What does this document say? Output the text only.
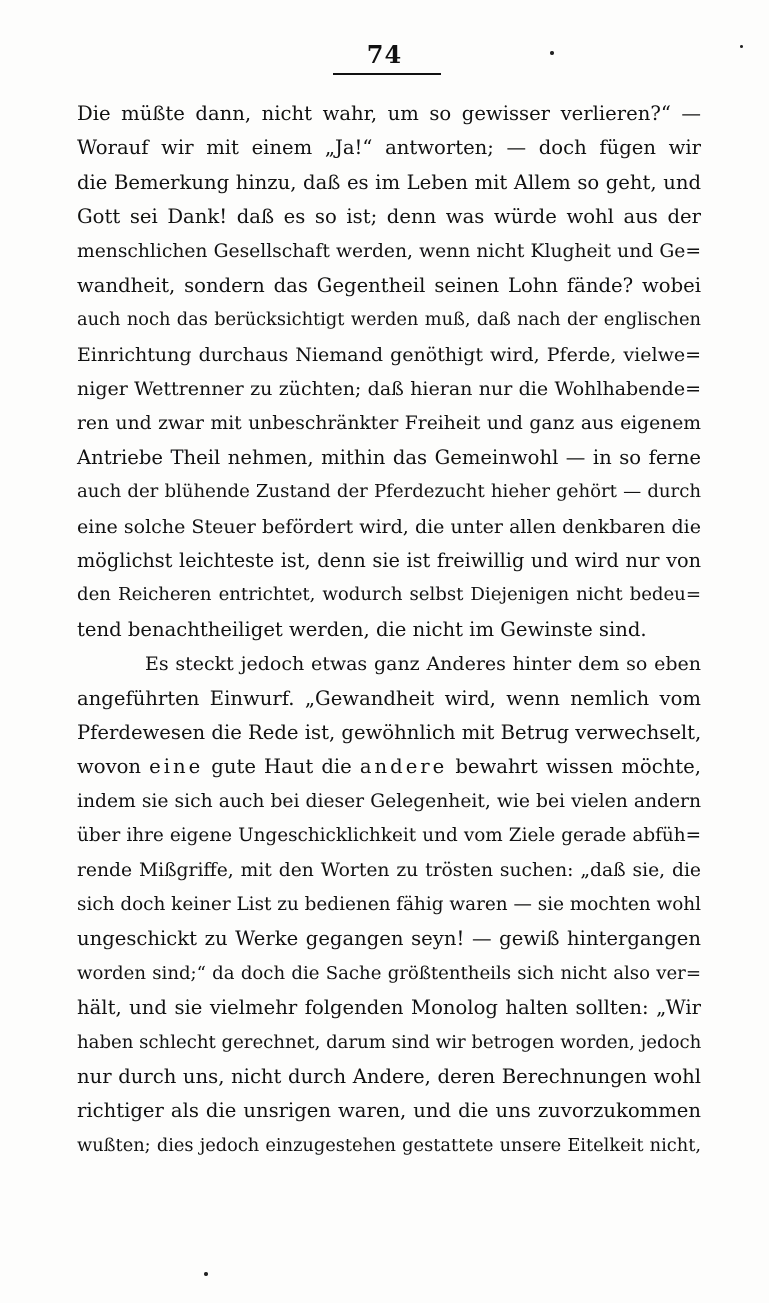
74
Die müßte dann, nicht wahr, um so gewisser verlieren?“ —
Worauf wir mit einem „Ja!“ antworten; — doch fügen wir
die Bemerkung hinzu, daß es im Leben mit Allem so geht, und
Gott sei Dank! daß es so ist; denn was würde wohl aus der
menschlichen Gesellschaft werden, wenn nicht Klugheit und Ge=
wandheit, sondern das Gegentheil seinen Lohn fände? wobei
auch noch das berücksichtigt werden muß, daß nach der englischen
Einrichtung durchaus Niemand genöthigt wird, Pferde, vielwe=
niger Wettrenner zu züchten; daß hieran nur die Wohlhabende=
ren und zwar mit unbeschränkter Freiheit und ganz aus eigenem
Antriebe Theil nehmen, mithin das Gemeinwohl — in so ferne
auch der blühende Zustand der Pferdezucht hieher gehört — durch
eine solche Steuer befördert wird, die unter allen denkbaren die
möglichst leichteste ist, denn sie ist freiwillig und wird nur von
den Reicheren entrichtet, wodurch selbst Diejenigen nicht bedeu=
tend benachtheiliget werden, die nicht im Gewinste sind.
Es steckt jedoch etwas ganz Anderes hinter dem so eben
angeführten Einwurf. „Gewandheit wird, wenn nemlich vom
Pferdewesen die Rede ist, gewöhnlich mit Betrug verwechselt,
wovon eine gute Haut die andere bewahrt wissen möchte,
indem sie sich auch bei dieser Gelegenheit, wie bei vielen andern
über ihre eigene Ungeschicklichkeit und vom Ziele gerade abfüh=
rende Mißgriffe, mit den Worten zu trösten suchen: „daß sie, die
sich doch keiner List zu bedienen fähig waren — sie mochten wohl
ungeschickt zu Werke gegangen seyn! — gewiß hintergangen
worden sind;“ da doch die Sache größtentheils sich nicht also ver=
hält, und sie vielmehr folgenden Monolog halten sollten: „Wir
haben schlecht gerechnet, darum sind wir betrogen worden, jedoch
nur durch uns, nicht durch Andere, deren Berechnungen wohl
richtiger als die unsrigen waren, und die uns zuvorzukommen
wußten; dies jedoch einzugestehen gestattete unsere Eitelkeit nicht,
